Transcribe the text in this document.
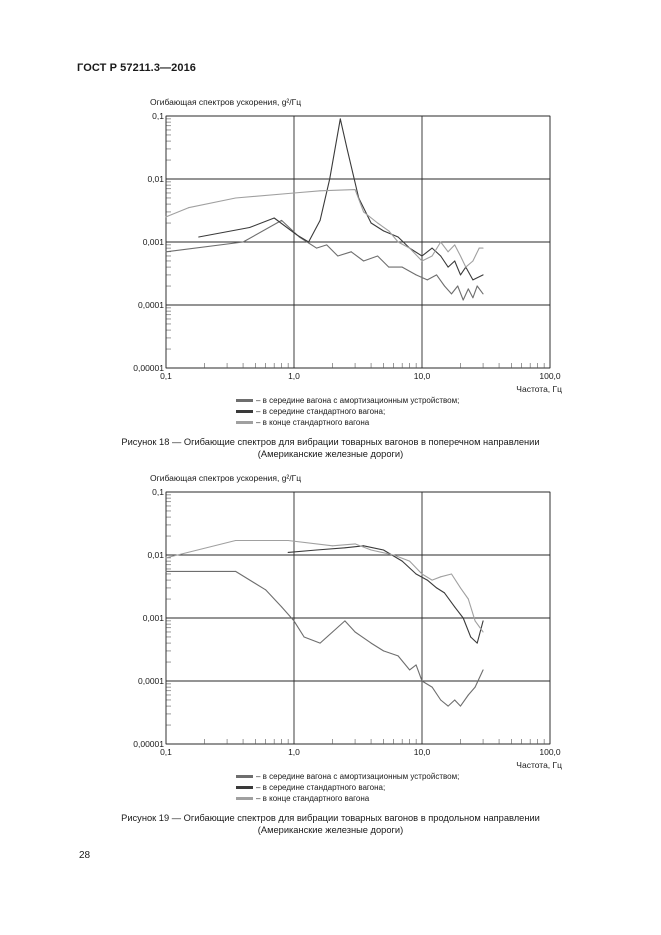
ГОСТ Р 57211.3—2016
0,00001
0,0001
0,001
0,01
0,1
0,1	1,0	10,0	100,0
Огибающая спектров ускорения, g²/Гц
Частота, Гц
– в середине вагона с амортизационным устройством;
– в середине стандартного вагона;
– в конце стандартного вагона
Рисунок 18 — Огибающие спектров для вибрации товарных вагонов в поперечном направлении
(Американские железные дороги)
0,00001
0,0001
0,001
0,01
0,1
0,1	1,0	10,0	100,0
Огибающая спектров ускорения, g²/Гц
Частота, Гц
– в середине вагона с амортизационным устройством;
– в середине стандартного вагона;
– в конце стандартного вагона
Рисунок 19 — Огибающие спектров для вибрации товарных вагонов в продольном направлении
(Американские железные дороги)
28
